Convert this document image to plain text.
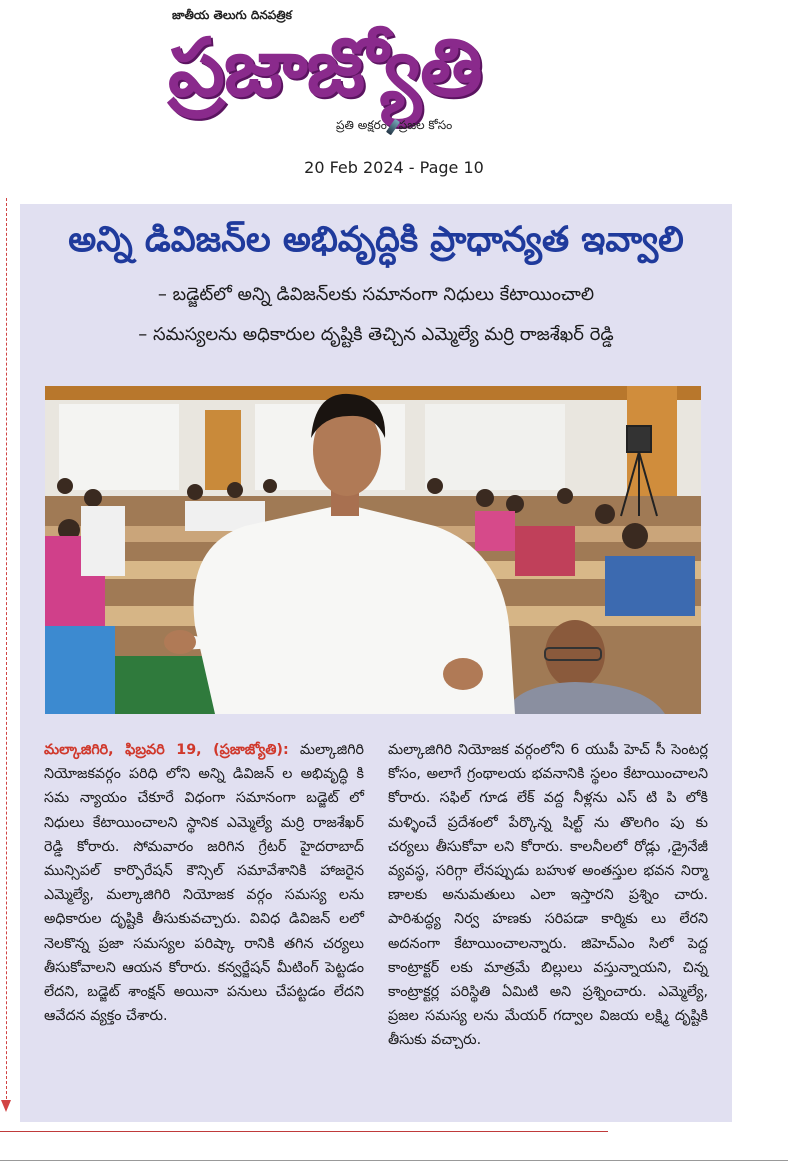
జాతీయ తెలుగు దినపత్రిక
ప్రజాజ్యోతి
ప్రతి అక్షరం ప్రజల కోసం
20 Feb 2024 - Page 10
అన్ని డివిజన్‌ల అభివృద్ధికి ప్రాధాన్యత ఇవ్వాలి
– బడ్జెట్‌లో అన్ని డివిజన్‌లకు సమానంగా నిధులు కేటాయించాలి
– సమస్యలను అధికారుల దృష్టికి తెచ్చిన ఎమ్మెల్యే మర్రి రాజశేఖర్ రెడ్డి
మల్కాజిగిరి, ఫిబ్రవరి 19, (ప్రజాజ్యోతి): మల్కాజిగిరి నియోజకవర్గం పరిధి లోని అన్ని డివిజన్ ల అభివృద్ధి కి సమ న్యాయం చేకూరే విధంగా సమానంగా బడ్జెట్ లో నిధులు కేటాయించాలని స్థానిక ఎమ్మెల్యే మర్రి రాజశేఖర్ రెడ్డి కోరారు. సోమవారం జరిగిన గ్రేటర్ హైదరాబాద్ మున్సిపల్ కార్పొరేషన్ కౌన్సిల్ సమావేశానికి హాజరైన ఎమ్మెల్యే, మల్కాజిగిరి నియోజక వర్గం సమస్య లను అధికారుల దృష్టికి తీసుకువచ్చారు. వివిధ డివిజన్ లలో నెలకొన్న ప్రజా సమస్యల పరిష్కా రానికి తగిన చర్యలు తీసుకోవాలని ఆయన కోరారు. కన్వర్జేషన్ మీటింగ్ పెట్టడం లేదని, బడ్జెట్ శాంక్షన్ అయినా పనులు చేపట్టడం లేదని ఆవేదన వ్యక్తం చేశారు.
మల్కాజిగిరి నియోజక వర్గంలోని 6 యుపీ హెచ్ సీ సెంటర్ల కోసం, అలాగే గ్రంథాలయ భవనానికి స్థలం కేటాయించాలని కోరారు. సఫిల్ గూడ లేక్ వద్ద నీళ్లను ఎస్ టి పి లోకి మళ్ళించే ప్రదేశంలో పేర్కొన్న షిల్ట్ ను తొలగిం పు కు చర్యలు తీసుకోవా లని కోరారు. కాలనీలలో రోడ్లు ,డ్రైనేజీ వ్యవస్థ, సరిగ్గా లేనప్పుడు బహుళ అంతస్తుల భవన నిర్మా ణాలకు అనుమతులు ఎలా ఇస్తారని ప్రశ్నిం చారు. పారిశుద్ధ్య నిర్వ హణకు సరిపడా కార్మికు లు లేరని అదనంగా కేటాయించాలన్నారు. జిహెచ్ఎం సిలో పెద్ద కాంట్రాక్టర్ లకు మాత్రమే బిల్లులు వస్తున్నాయని, చిన్న కాంట్రాక్టర్ల పరిస్థితి ఏమిటి అని ప్రశ్నించారు. ఎమ్మెల్యే, ప్రజల సమస్య లను మేయర్ గద్వాల విజయ లక్ష్మి దృష్టికి తీసుకు వచ్చారు.
